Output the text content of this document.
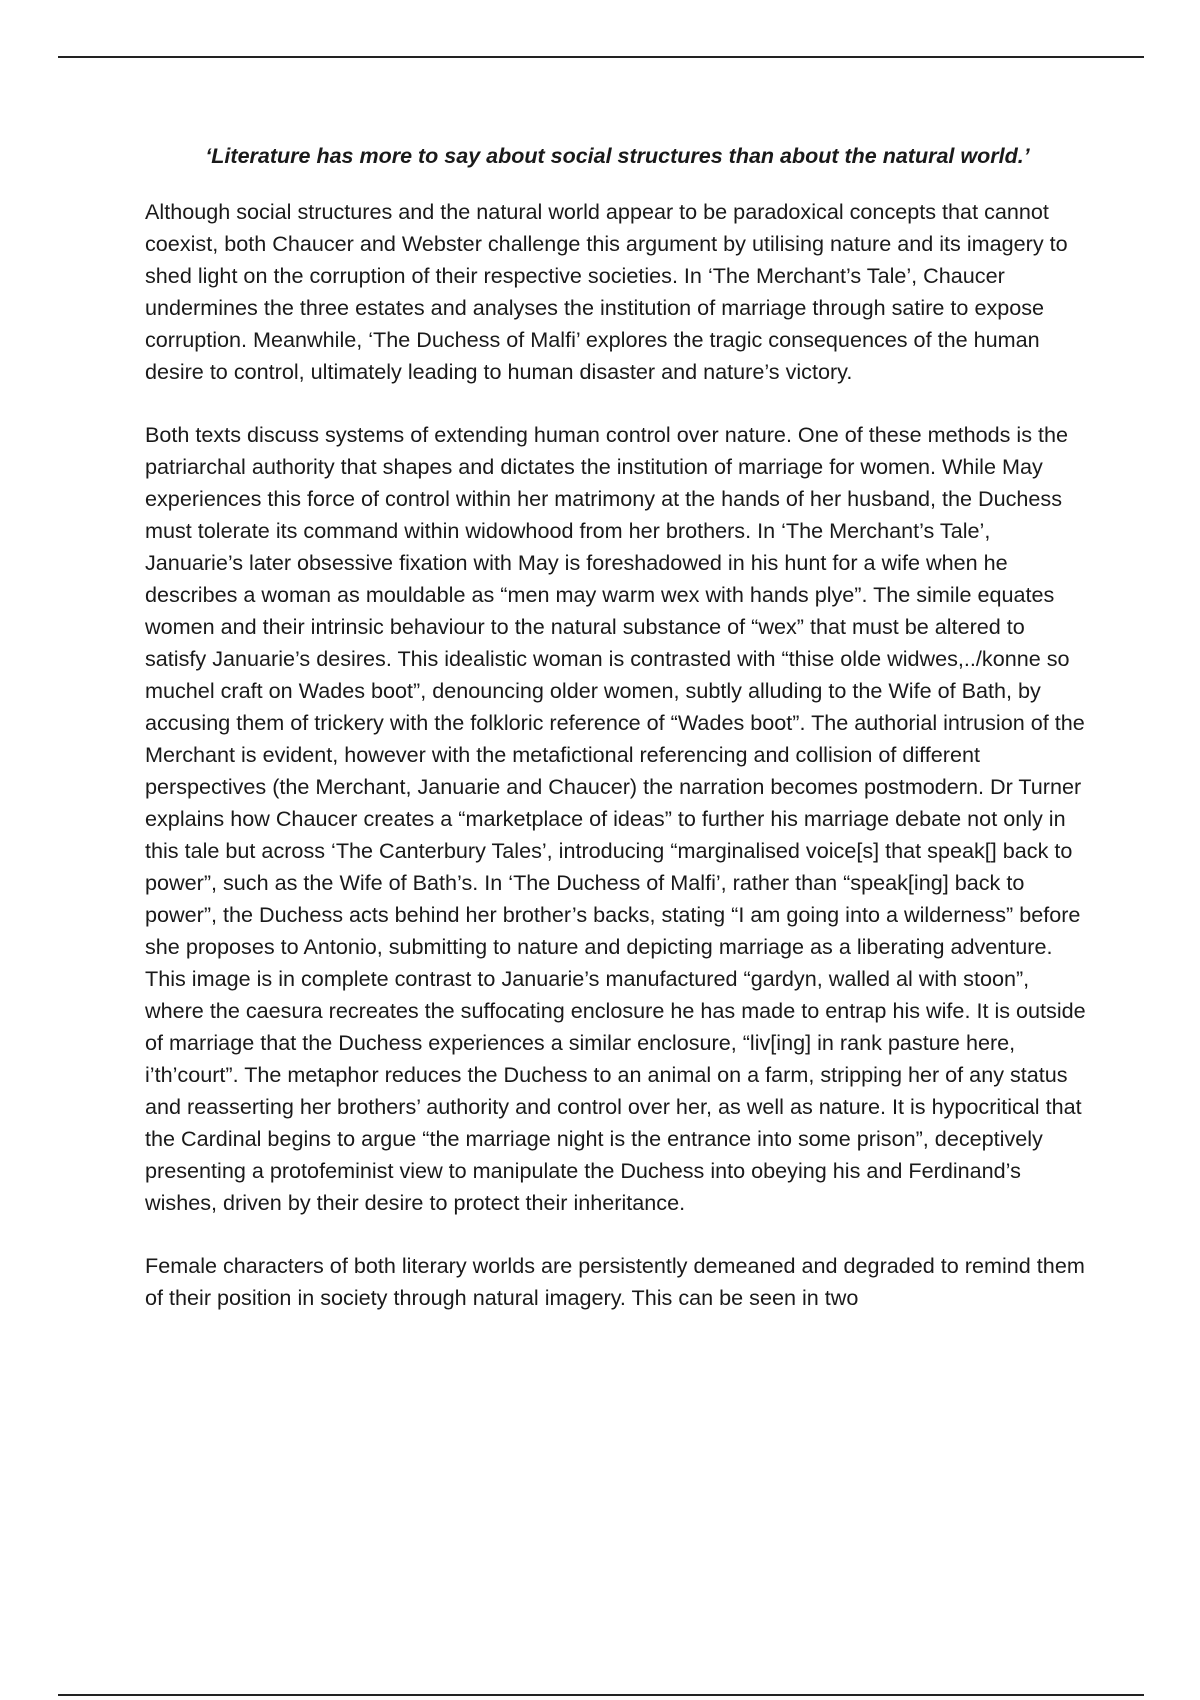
‘Literature has more to say about social structures than about the natural world.’

Although social structures and the natural world appear to be paradoxical concepts that cannot coexist, both Chaucer and Webster challenge this argument by utilising nature and its imagery to shed light on the corruption of their respective societies. In ‘The Merchant’s Tale’, Chaucer undermines the three estates and analyses the institution of marriage through satire to expose corruption. Meanwhile, ‘The Duchess of Malfi’ explores the tragic consequences of the human desire to control, ultimately leading to human disaster and nature’s victory.

Both texts discuss systems of extending human control over nature. One of these methods is the patriarchal authority that shapes and dictates the institution of marriage for women. While May experiences this force of control within her matrimony at the hands of her husband, the Duchess must tolerate its command within widowhood from her brothers. In ‘The Merchant’s Tale’, Januarie’s later obsessive fixation with May is foreshadowed in his hunt for a wife when he describes a woman as mouldable as “men may warm wex with hands plye”. The simile equates women and their intrinsic behaviour to the natural substance of “wex” that must be altered to satisfy Januarie’s desires. This idealistic woman is contrasted with “thise olde widwes,../konne so muchel craft on Wades boot”, denouncing older women, subtly alluding to the Wife of Bath, by accusing them of trickery with the folkloric reference of “Wades boot”. The authorial intrusion of the Merchant is evident, however with the metafictional referencing and collision of different perspectives (the Merchant, Januarie and Chaucer) the narration becomes postmodern. Dr Turner explains how Chaucer creates a “marketplace of ideas” to further his marriage debate not only in this tale but across ‘The Canterbury Tales’, introducing “marginalised voice[s] that speak[] back to power”, such as the Wife of Bath’s. In ‘The Duchess of Malfi’, rather than “speak[ing] back to power”, the Duchess acts behind her brother’s backs, stating “I am going into a wilderness” before she proposes to Antonio, submitting to nature and depicting marriage as a liberating adventure. This image is in complete contrast to Januarie’s manufactured “gardyn, walled al with stoon”, where the caesura recreates the suffocating enclosure he has made to entrap his wife. It is outside of marriage that the Duchess experiences a similar enclosure, “liv[ing] in rank pasture here, i’th’court”. The metaphor reduces the Duchess to an animal on a farm, stripping her of any status and reasserting her brothers’ authority and control over her, as well as nature. It is hypocritical that the Cardinal begins to argue “the marriage night is the entrance into some prison”, deceptively presenting a protofeminist view to manipulate the Duchess into obeying his and Ferdinand’s wishes, driven by their desire to protect their inheritance.

Female characters of both literary worlds are persistently demeaned and degraded to remind them of their position in society through natural imagery. This can be seen in two
